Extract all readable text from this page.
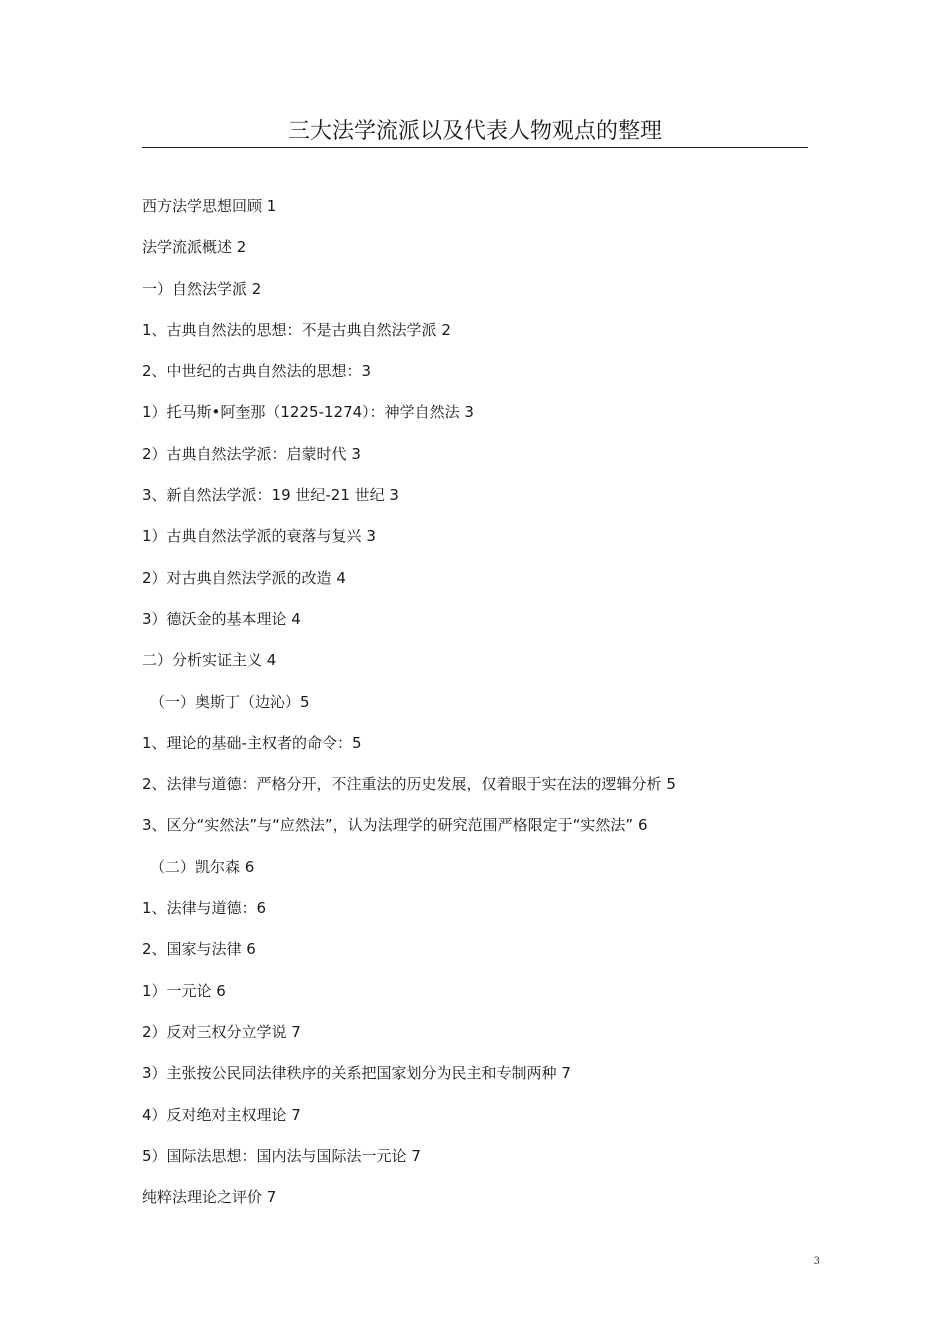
三大法学流派以及代表人物观点的整理
西方法学思想回顾 1
法学流派概述 2
一）自然法学派 2
1、古典自然法的思想：不是古典自然法学派 2
2、中世纪的古典自然法的思想：3
1）托马斯•阿奎那（1225-1274）：神学自然法 3
2）古典自然法学派：启蒙时代 3
3、新自然法学派：19 世纪-21 世纪 3
1）古典自然法学派的衰落与复兴 3
2）对古典自然法学派的改造 4
3）德沃金的基本理论 4
二）分析实证主义 4
（一）奥斯丁（边沁）5
1、理论的基础-主权者的命令：5
2、法律与道德：严格分开，不注重法的历史发展，仅着眼于实在法的逻辑分析 5
3、区分“实然法”与“应然法”，认为法理学的研究范围严格限定于“实然法” 6
（二）凯尔森 6
1、法律与道德：6
2、国家与法律 6
1）一元论 6
2）反对三权分立学说 7
3）主张按公民同法律秩序的关系把国家划分为民主和专制两种 7
4）反对绝对主权理论 7
5）国际法思想：国内法与国际法一元论 7
纯粹法理论之评价 7
3
